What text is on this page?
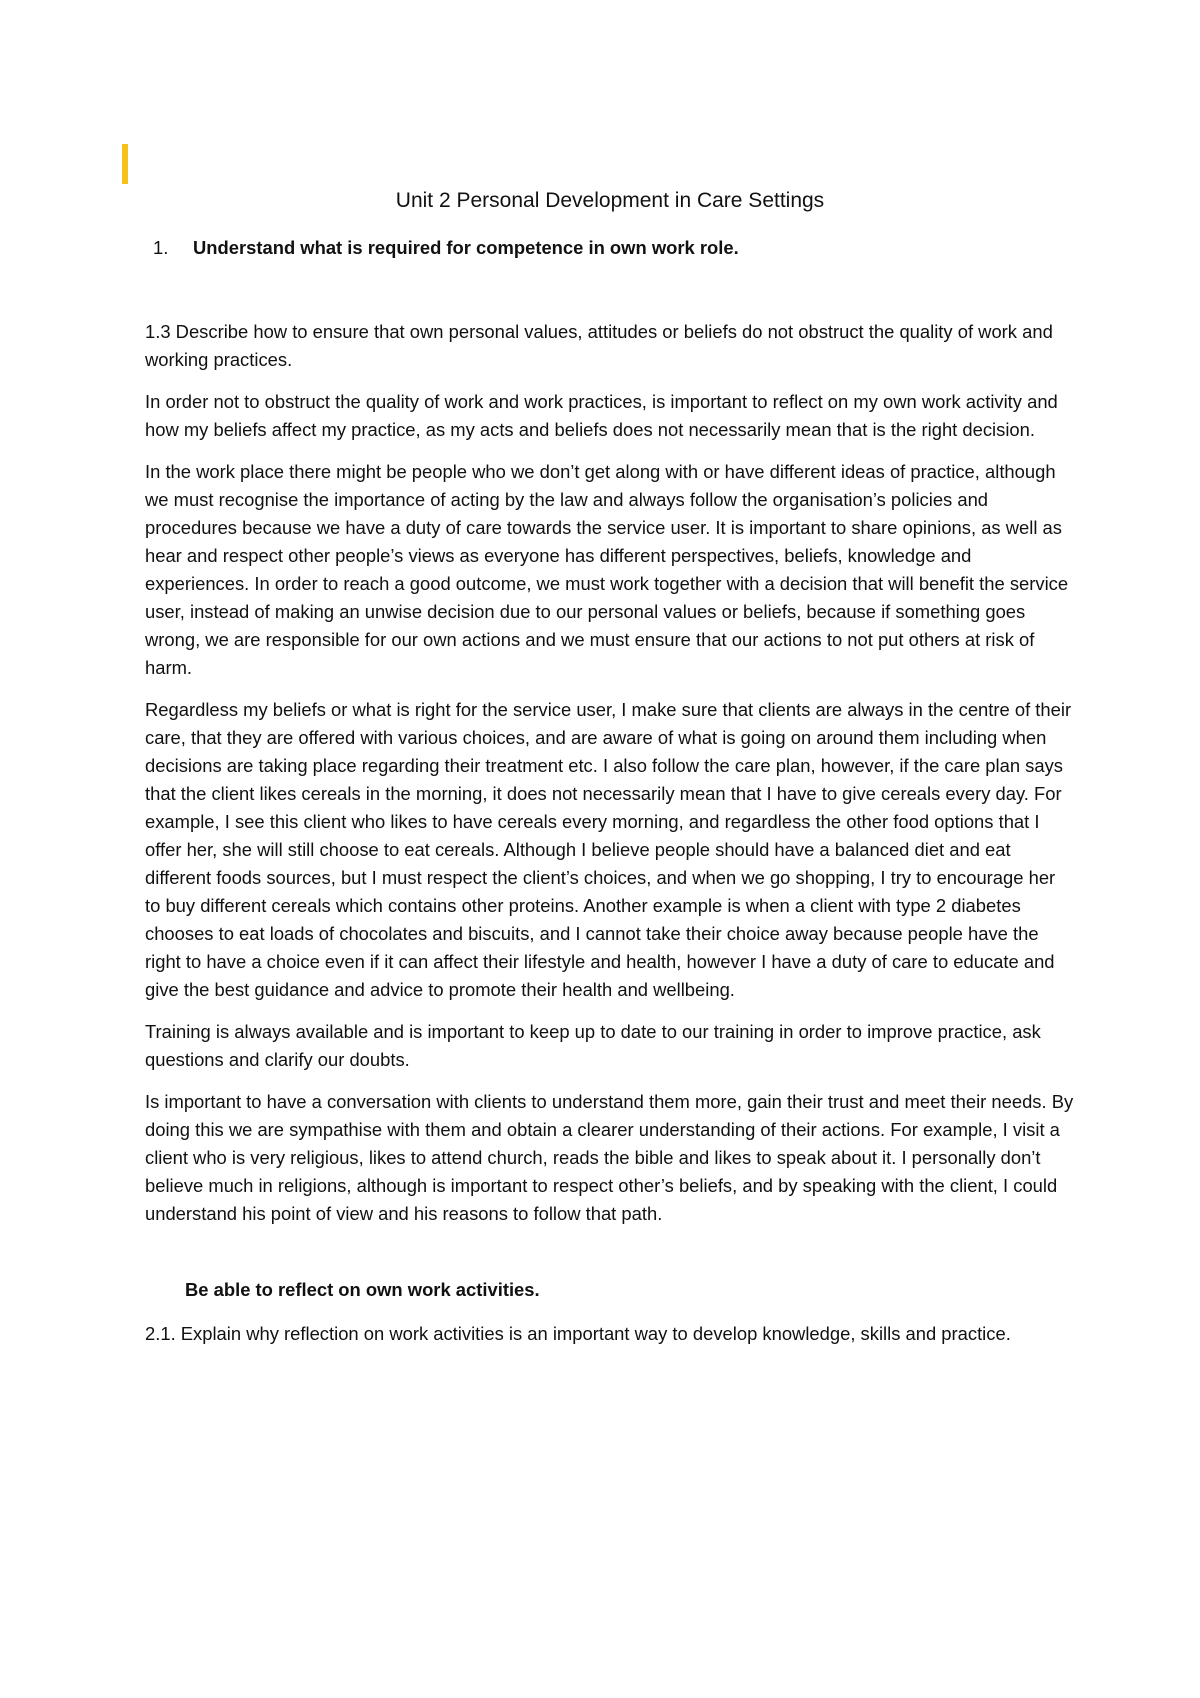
Unit 2 Personal Development in Care Settings
1.	Understand what is required for competence in own work role.

1.3 Describe how to ensure that own personal values, attitudes or beliefs do not obstruct the quality of work and working practices.

In order not to obstruct the quality of work and work practices, is important to reflect on my own work activity and how my beliefs affect my practice, as my acts and beliefs does not necessarily mean that is the right decision.

In the work place there might be people who we don’t get along with or have different ideas of practice, although we must recognise the importance of acting by the law and always follow the organisation’s policies and procedures because we have a duty of care towards the service user. It is important to share opinions, as well as hear and respect other people’s views as everyone has different perspectives, beliefs, knowledge and experiences. In order to reach a good outcome, we must work together with a decision that will benefit the service user, instead of making an unwise decision due to our personal values or beliefs, because if something goes wrong, we are responsible for our own actions and we must ensure that our actions to not put others at risk of harm.

Regardless my beliefs or what is right for the service user, I make sure that clients are always in the centre of their care, that they are offered with various choices, and are aware of what is going on around them including when decisions are taking place regarding their treatment etc. I also follow the care plan, however, if the care plan says that the client likes cereals in the morning, it does not necessarily mean that I have to give cereals every day. For example, I see this client who likes to have cereals every morning, and regardless the other food options that I offer her, she will still choose to eat cereals. Although I believe people should have a balanced diet and eat different foods sources, but I must respect the client’s choices, and when we go shopping, I try to encourage her to buy different cereals which contains other proteins. Another example is when a client with type 2 diabetes chooses to eat loads of chocolates and biscuits, and I cannot take their choice away because people have the right to have a choice even if it can affect their lifestyle and health, however I have a duty of care to educate and give the best guidance and advice to promote their health and wellbeing.

Training is always available and is important to keep up to date to our training in order to improve practice, ask questions and clarify our doubts.

Is important to have a conversation with clients to understand them more, gain their trust and meet their needs. By doing this we are sympathise with them and obtain a clearer understanding of their actions. For example, I visit a client who is very religious, likes to attend church, reads the bible and likes to speak about it. I personally don’t believe much in religions, although is important to respect other’s beliefs, and by speaking with the client, I could understand his point of view and his reasons to follow that path.

Be able to reflect on own work activities.

2.1. Explain why reflection on work activities is an important way to develop knowledge, skills and practice.
